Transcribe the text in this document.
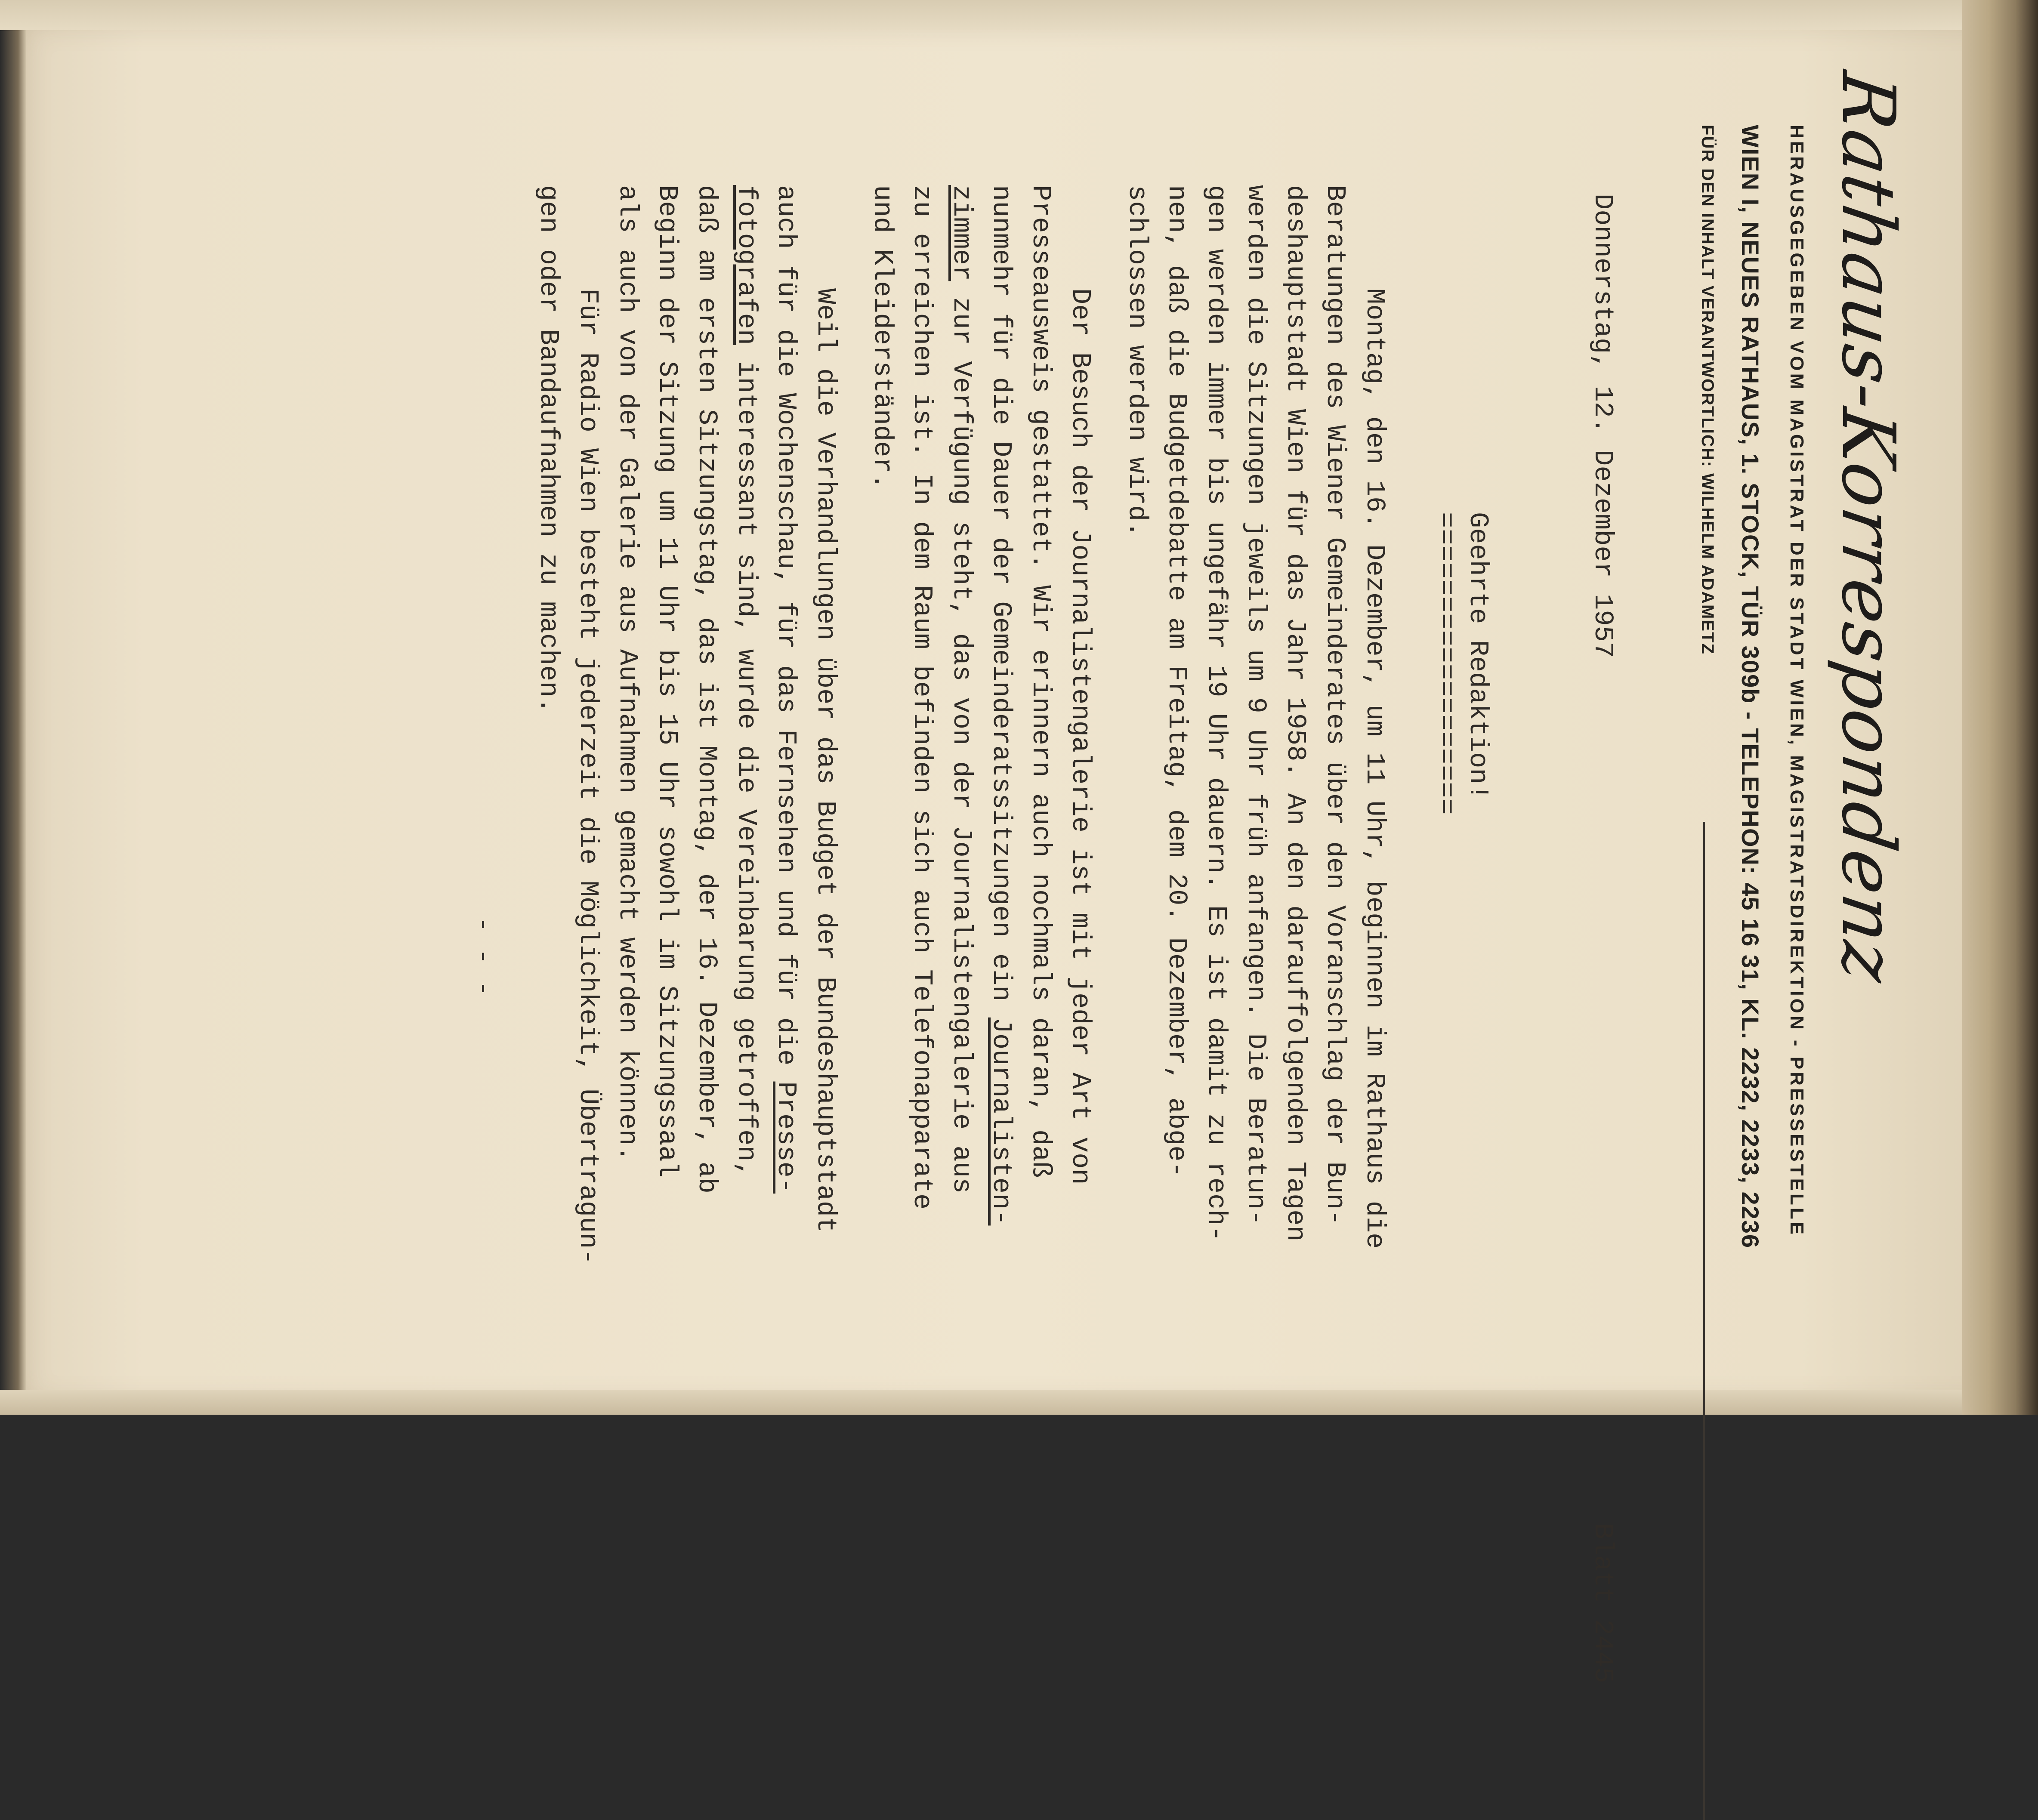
Rathaus-Korrespondenz
HERAUSGEGEBEN VOM MAGISTRAT DER STADT WIEN, MAGISTRATSDIREKTION - PRESSESTELLE
WIEN I, NEUES RATHAUS, 1. STOCK, TÜR 309b - TELEPHON: 45 16 31, KL. 2232, 2233, 2236
FÜR DEN INHALT VERANTWORTLICH: WILHELM ADAMETZ
Donnerstag, 12. Dezember 1957
Blatt 2445
Geehrte Redaktion!
==================
Montag, den 16. Dezember, um 11 Uhr, beginnen im Rathaus die
Beratungen des Wiener Gemeinderates über den Voranschlag der Bun-
deshauptstadt Wien für das Jahr 1958. An den darauffolgenden Tagen
werden die Sitzungen jeweils um 9 Uhr früh anfangen. Die Beratun-
gen werden immer bis ungefähr 19 Uhr dauern. Es ist damit zu rech-
nen, daß die Budgetdebatte am Freitag, dem 20. Dezember, abge-
schlossen werden wird.
Der Besuch der Journalistengalerie ist mit jeder Art von
Presseausweis gestattet. Wir erinnern auch nochmals daran, daß
nunmehr für die Dauer der Gemeinderatssitzungen ein Journalisten-
zimmer zur Verfügung steht, das von der Journalistengalerie aus
zu erreichen ist. In dem Raum befinden sich auch Telefonapparate
und Kleiderständer.
Weil die Verhandlungen über das Budget der Bundeshauptstadt
auch für die Wochenschau, für das Fernsehen und für die Presse-
fotografen interessant sind, wurde die Vereinbarung getroffen,
daß am ersten Sitzungstag, das ist Montag, der 16. Dezember, ab
Beginn der Sitzung um 11 Uhr bis 15 Uhr sowohl im Sitzungssaal
als auch von der Galerie aus Aufnahmen gemacht werden können.
Für Radio Wien besteht jederzeit die Möglichkeit, Übertragun-
gen oder Bandaufnahmen zu machen.
- - -
